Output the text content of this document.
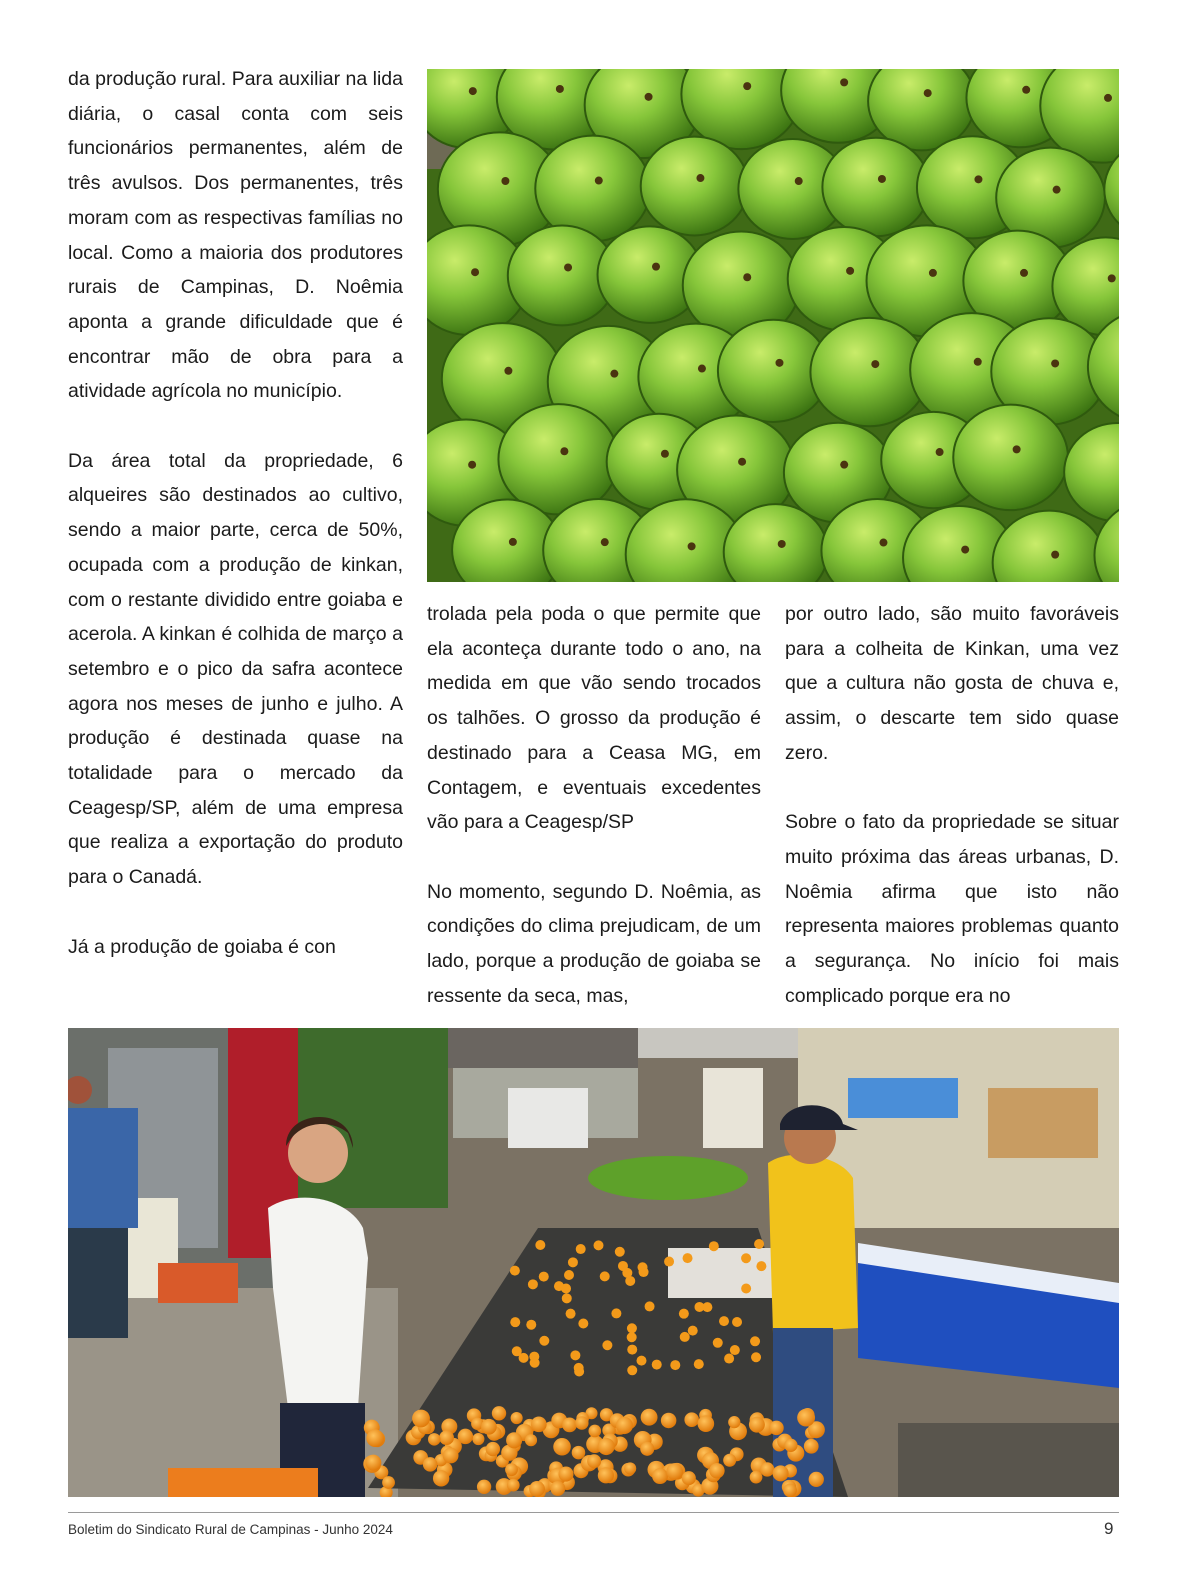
da produção rural. Para auxiliar na lida diária, o casal conta com seis funcionários permanentes, além de três avulsos. Dos permanentes, três moram com as respectivas famílias no local. Como a maioria dos produtores rurais de Campinas, D. Noêmia aponta a grande dificuldade que é encontrar mão de obra para a atividade agrícola no município.

Da área total da propriedade, 6 alqueires são destinados ao cultivo, sendo a maior parte, cerca de 50%, ocupada com a produção de kinkan, com o restante dividido entre goiaba e acerola. A kinkan é colhida de março a setembro e o pico da safra acontece agora nos meses de junho e julho. A produção é destinada quase na totalidade para o mercado da Ceagesp/SP, além de uma empresa que realiza a exportação do produto para o Canadá.

Já a produção de goiaba é con

trolada pela poda o que permite que ela aconteça durante todo o ano, na medida em que vão sendo trocados os talhões. O grosso da produção é destinado para a Ceasa MG, em Contagem, e eventuais excedentes vão para a Ceagesp/SP

No momento, segundo D. Noêmia, as condições do clima prejudicam, de um lado, porque a produção de goiaba se ressente da seca, mas,

por outro lado, são muito favoráveis para a colheita de Kinkan, uma vez que a cultura não gosta de chuva e, assim, o descarte tem sido quase zero.

Sobre o fato da propriedade se situar muito próxima das áreas urbanas, D. Noêmia afirma que isto não representa maiores problemas quanto a segurança. No início foi mais complicado porque era no

Boletim do Sindicato Rural de Campinas - Junho 2024	9
